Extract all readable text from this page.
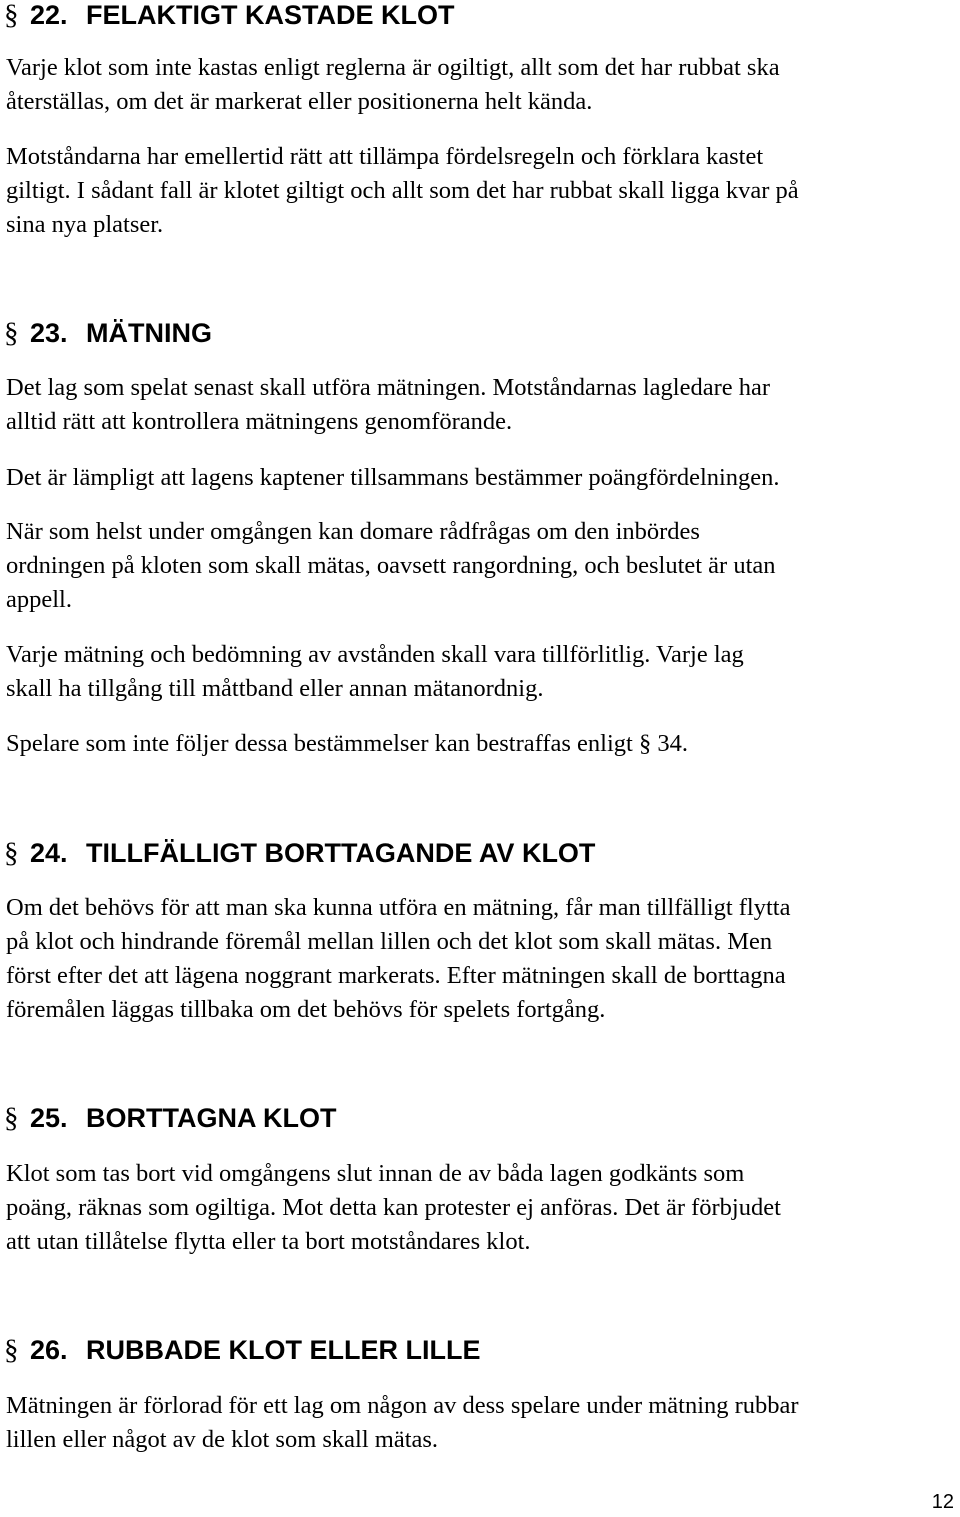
§ 22. FELAKTIGT KASTADE KLOT

Varje klot som inte kastas enligt reglerna är ogiltigt, allt som det har rubbat ska
återställas, om det är markerat eller positionerna helt kända.

Motståndarna har emellertid rätt att tillämpa fördelsregeln och förklara kastet
giltigt. I sådant fall är klotet giltigt och allt som det har rubbat skall ligga kvar på
sina nya platser.

§ 23. MÄTNING

Det lag som spelat senast skall utföra mätningen. Motståndarnas lagledare har
alltid rätt att kontrollera mätningens genomförande.

Det är lämpligt att lagens kaptener tillsammans bestämmer poängfördelningen.

När som helst under omgången kan domare rådfrågas om den inbördes
ordningen på kloten som skall mätas, oavsett rangordning, och beslutet är utan
appell.

Varje mätning och bedömning av avstånden skall vara tillförlitlig. Varje lag
skall ha tillgång till måttband eller annan mätanordnig.

Spelare som inte följer dessa bestämmelser kan bestraffas enligt § 34.

§ 24. TILLFÄLLIGT BORTTAGANDE AV KLOT

Om det behövs för att man ska kunna utföra en mätning, får man tillfälligt flytta
på klot och hindrande föremål mellan lillen och det klot som skall mätas. Men
först efter det att lägena noggrant markerats. Efter mätningen skall de borttagna
föremålen läggas tillbaka om det behövs för spelets fortgång.

§ 25. BORTTAGNA KLOT

Klot som tas bort vid omgångens slut innan de av båda lagen godkänts som
poäng, räknas som ogiltiga. Mot detta kan protester ej anföras. Det är förbjudet
att utan tillåtelse flytta eller ta bort motståndares klot.

§ 26. RUBBADE KLOT ELLER LILLE

Mätningen är förlorad för ett lag om någon av dess spelare under mätning rubbar
lillen eller något av de klot som skall mätas.

12
